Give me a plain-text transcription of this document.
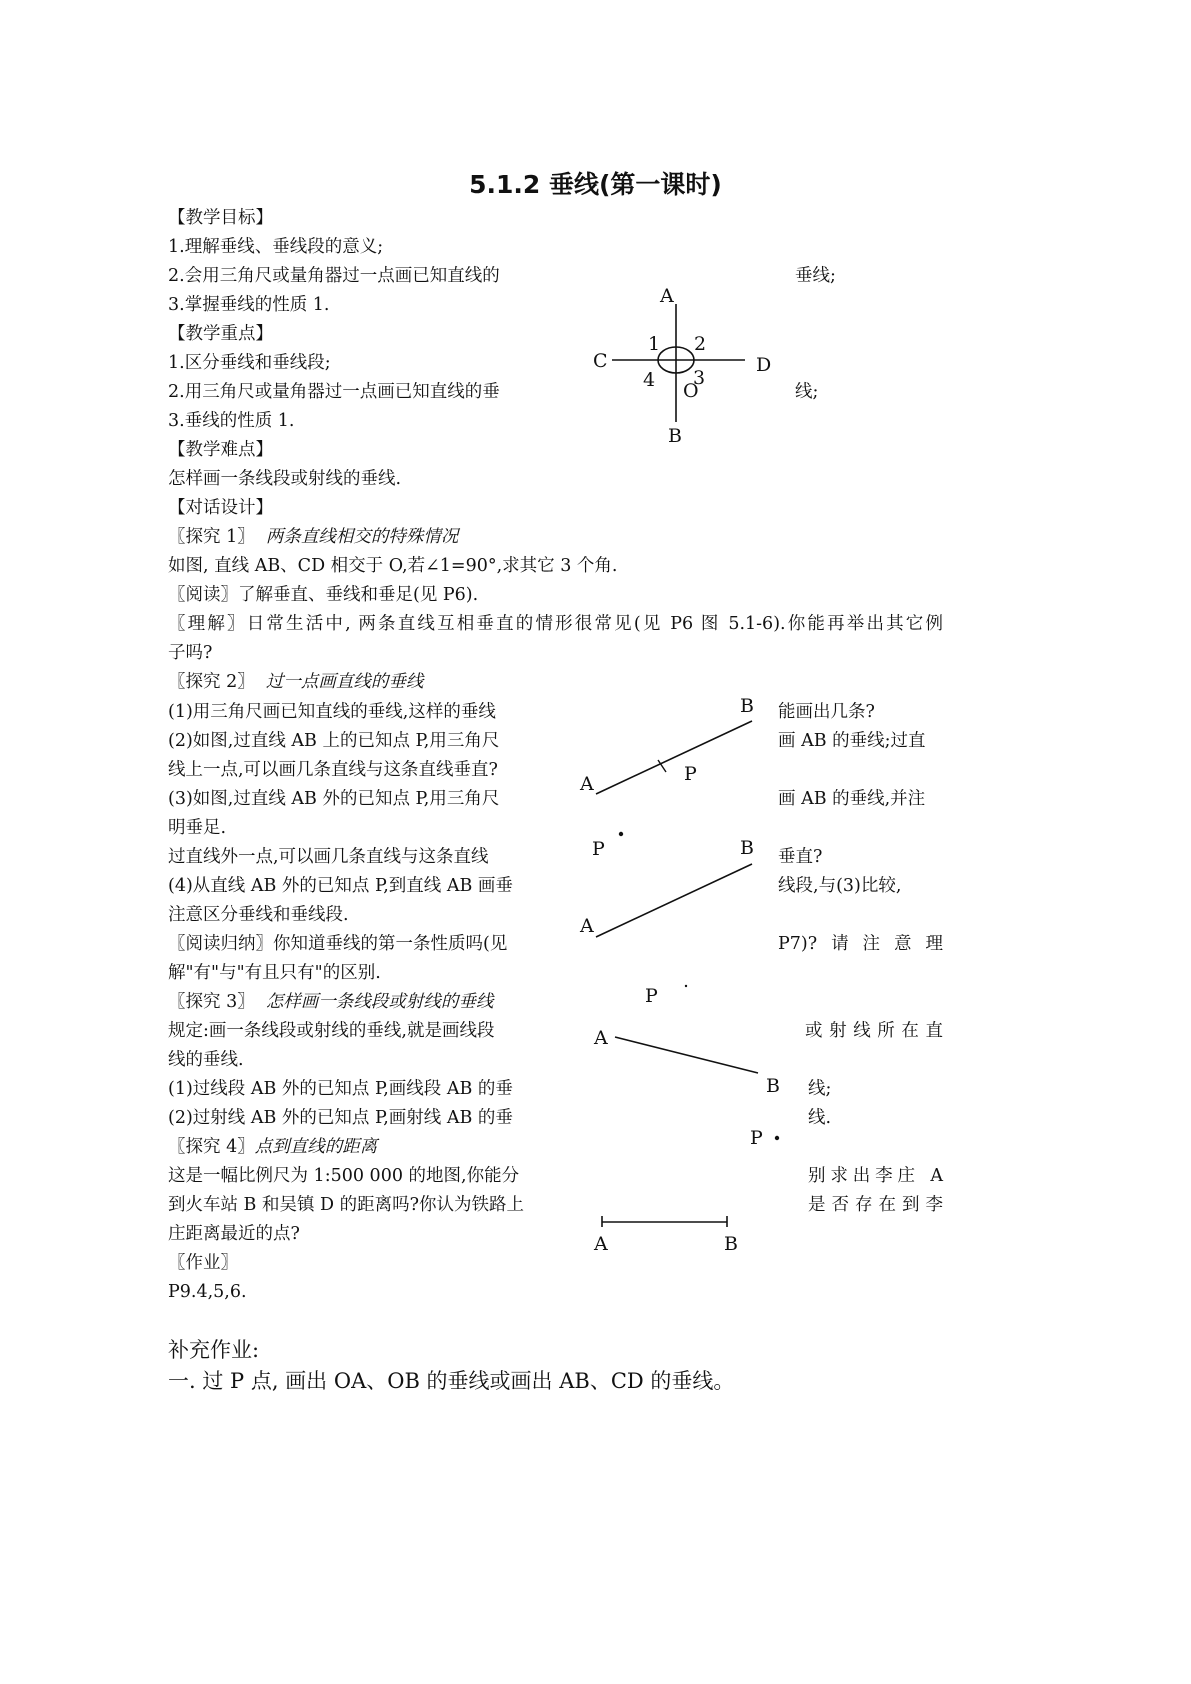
5.1.2 垂线(第一课时)
【教学目标】
1.理解垂线、垂线段的意义;
2.会用三角尺或量角器过一点画已知直线的
3.掌握垂线的性质 1.
【教学重点】
1.区分垂线和垂线段;
2.用三角尺或量角器过一点画已知直线的垂
3.垂线的性质 1.
【教学难点】
怎样画一条线段或射线的垂线.
【对话设计】
〖探究 1〗 两条直线相交的特殊情况
如图, 直线 AB、CD 相交于 O,若∠1=90°,求其它 3 个角.
〖阅读〗了解垂直、垂线和垂足(见 P6).
〖理解〗日常生活中, 两条直线互相垂直的情形很常见(见 P6 图 5.1-6).你能再举出其它例
子吗?
〖探究 2〗 过一点画直线的垂线
(1)用三角尺画已知直线的垂线,这样的垂线
(2)如图,过直线 AB 上的已知点 P,用三角尺
线上一点,可以画几条直线与这条直线垂直?
(3)如图,过直线 AB 外的已知点 P,用三角尺
明垂足.
过直线外一点,可以画几条直线与这条直线
(4)从直线 AB 外的已知点 P,到直线 AB 画垂
注意区分垂线和垂线段.
〖阅读归纳〗你知道垂线的第一条性质吗(见
解"有"与"有且只有"的区别.
〖探究 3〗 怎样画一条线段或射线的垂线
规定:画一条线段或射线的垂线,就是画线段
线的垂线.
(1)过线段 AB 外的已知点 P,画线段 AB 的垂
(2)过射线 AB 外的已知点 P,画射线 AB 的垂
〖探究 4〗点到直线的距离
这是一幅比例尺为 1:500 000 的地图,你能分
到火车站 B 和吴镇 D 的距离吗?你认为铁路上
庄距离最近的点?
〖作业〗
P9.4,5,6.
垂线;
线;
能画出几条?
画 AB 的垂线;过直
画 AB 的垂线,并注
垂直?
线段,与(3)比较,
P7)?请注意理
或射线所在直
线;
线.
别求出李庄 A
是否存在到李
补充作业:
一. 过 P 点, 画出 OA、OB 的垂线或画出 AB、CD 的垂线。
A
B
C	D
O
1 2
3
4
A
B
P
A
B
P
A
B
P
P
A	B
